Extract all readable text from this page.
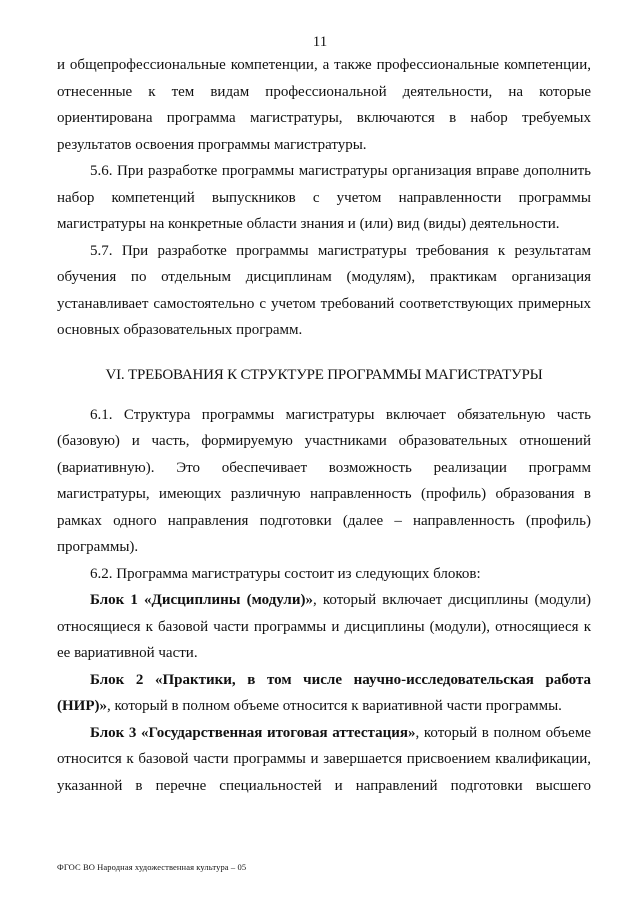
11

и общепрофессиональные компетенции, а также профессиональные компетенции, отнесенные к тем видам профессиональной деятельности, на которые ориентирована программа магистратуры, включаются в набор требуемых результатов освоения программы магистратуры.

5.6. При разработке программы магистратуры организация вправе дополнить набор компетенций выпускников с учетом направленности программы магистратуры на конкретные области знания и (или) вид (виды) деятельности.

5.7. При разработке программы магистратуры требования к результатам обучения по отдельным дисциплинам (модулям), практикам организация устанавливает самостоятельно с учетом требований соответствующих примерных основных образовательных программ.

VI. ТРЕБОВАНИЯ К СТРУКТУРЕ ПРОГРАММЫ МАГИСТРАТУРЫ

6.1. Структура программы магистратуры включает обязательную часть (базовую) и часть, формируемую участниками образовательных отношений (вариативную). Это обеспечивает возможность реализации программ магистратуры, имеющих различную направленность (профиль) образования в рамках одного направления подготовки (далее – направленность (профиль) программы).

6.2. Программа магистратуры состоит из следующих блоков:

Блок 1 «Дисциплины (модули)», который включает дисциплины (модули) относящиеся к базовой части программы и дисциплины (модули), относящиеся к ее вариативной части.

Блок 2 «Практики, в том числе научно-исследовательская работа (НИР)», который в полном объеме относится к вариативной части программы.

Блок 3 «Государственная итоговая аттестация», который в полном объеме относится к базовой части программы и завершается присвоением квалификации, указанной в перечне специальностей и направлений подготовки высшего

ФГОС ВО Народная художественная культура – 05
